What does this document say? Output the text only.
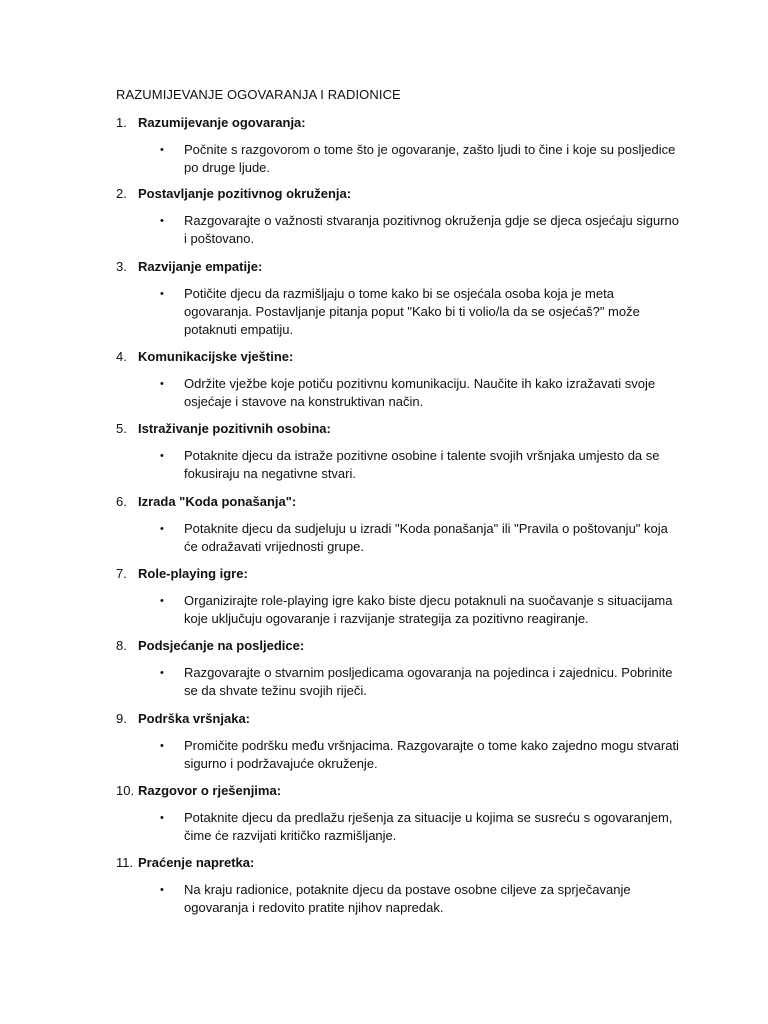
RAZUMIJEVANJE OGOVARANJA I RADIONICE
1. Razumijevanje ogovaranja:
• Počnite s razgovorom o tome što je ogovaranje, zašto ljudi to čine i koje su posljedice po druge ljude.
2. Postavljanje pozitivnog okruženja:
• Razgovarajte o važnosti stvaranja pozitivnog okruženja gdje se djeca osjećaju sigurno i poštovano.
3. Razvijanje empatije:
• Potičite djecu da razmišljaju o tome kako bi se osjećala osoba koja je meta ogovaranja. Postavljanje pitanja poput "Kako bi ti volio/la da se osjećaš?" može potaknuti empatiju.
4. Komunikacijske vještine:
• Održite vježbe koje potiču pozitivnu komunikaciju. Naučite ih kako izražavati svoje osjećaje i stavove na konstruktivan način.
5. Istraživanje pozitivnih osobina:
• Potaknite djecu da istraže pozitivne osobine i talente svojih vršnjaka umjesto da se fokusiraju na negativne stvari.
6. Izrada "Koda ponašanja":
• Potaknite djecu da sudjeluju u izradi "Koda ponašanja" ili "Pravila o poštovanju" koja će odražavati vrijednosti grupe.
7. Role-playing igre:
• Organizirajte role-playing igre kako biste djecu potaknuli na suočavanje s situacijama koje uključuju ogovaranje i razvijanje strategija za pozitivno reagiranje.
8. Podsjećanje na posljedice:
• Razgovarajte o stvarnim posljedicama ogovaranja na pojedinca i zajednicu. Pobrinite se da shvate težinu svojih riječi.
9. Podrška vršnjaka:
• Promičite podršku među vršnjacima. Razgovarajte o tome kako zajedno mogu stvarati sigurno i podržavajuće okruženje.
10. Razgovor o rješenjima:
• Potaknite djecu da predlažu rješenja za situacije u kojima se susreću s ogovaranjem, čime će razvijati kritičko razmišljanje.
11. Praćenje napretka:
• Na kraju radionice, potaknite djecu da postave osobne ciljeve za sprječavanje ogovaranja i redovito pratite njihov napredak.
